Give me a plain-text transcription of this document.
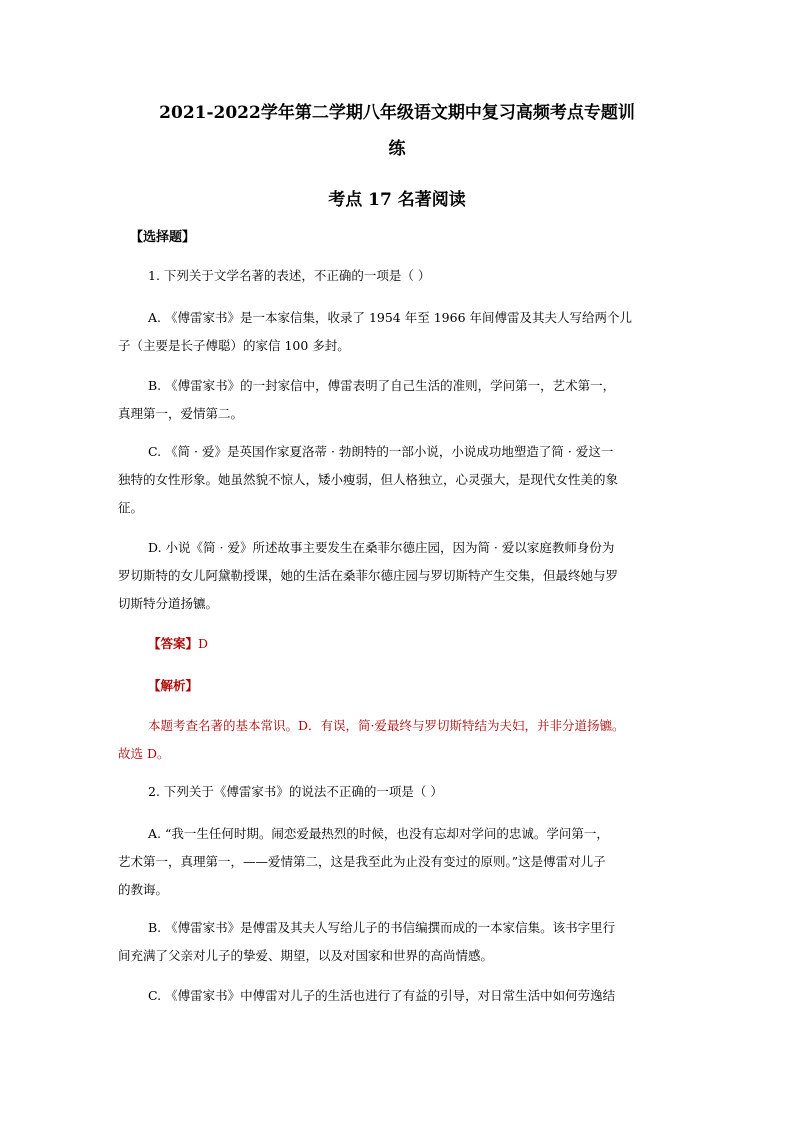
2021-2022学年第二学期八年级语文期中复习高频考点专题训
练
考点 17 名著阅读
【选择题】
1. 下列关于文学名著的表述，不正确的一项是（ ）
A. 《傅雷家书》是一本家信集，收录了 1954 年至 1966 年间傅雷及其夫人写给两个儿
子（主要是长子傅聪）的家信 100 多封。
B. 《傅雷家书》的一封家信中，傅雷表明了自己生活的准则，学问第一，艺术第一，
真理第一，爱情第二。
C. 《简 · 爱》是英国作家夏洛蒂 · 勃朗特的一部小说，小说成功地塑造了简 · 爱这一
独特的女性形象。她虽然貌不惊人，矮小瘦弱，但人格独立，心灵强大，是现代女性美的象
征。
D. 小说《简 · 爱》所述故事主要发生在桑菲尔德庄园，因为简 · 爱以家庭教师身份为
罗切斯特的女儿阿黛勒授课，她的生活在桑菲尔德庄园与罗切斯特产生交集，但最终她与罗
切斯特分道扬镳。
【答案】D
【解析】
本题考查名著的基本常识。D．有误，简·爱最终与罗切斯特结为夫妇，并非分道扬镳。
故选 D。
2. 下列关于《傅雷家书》的说法不正确的一项是（ ）
A. “我一生任何时期。闹恋爱最热烈的时候，也没有忘却对学问的忠诚。学问第一，
艺术第一，真理第一，——爱情第二，这是我至此为止没有变过的原则。”这是傅雷对儿子
的教诲。
B. 《傅雷家书》是傅雷及其夫人写给儿子的书信编撰而成的一本家信集。该书字里行
间充满了父亲对儿子的挚爱、期望，以及对国家和世界的高尚情感。
C. 《傅雷家书》中傅雷对儿子的生活也进行了有益的引导，对日常生活中如何劳逸结
